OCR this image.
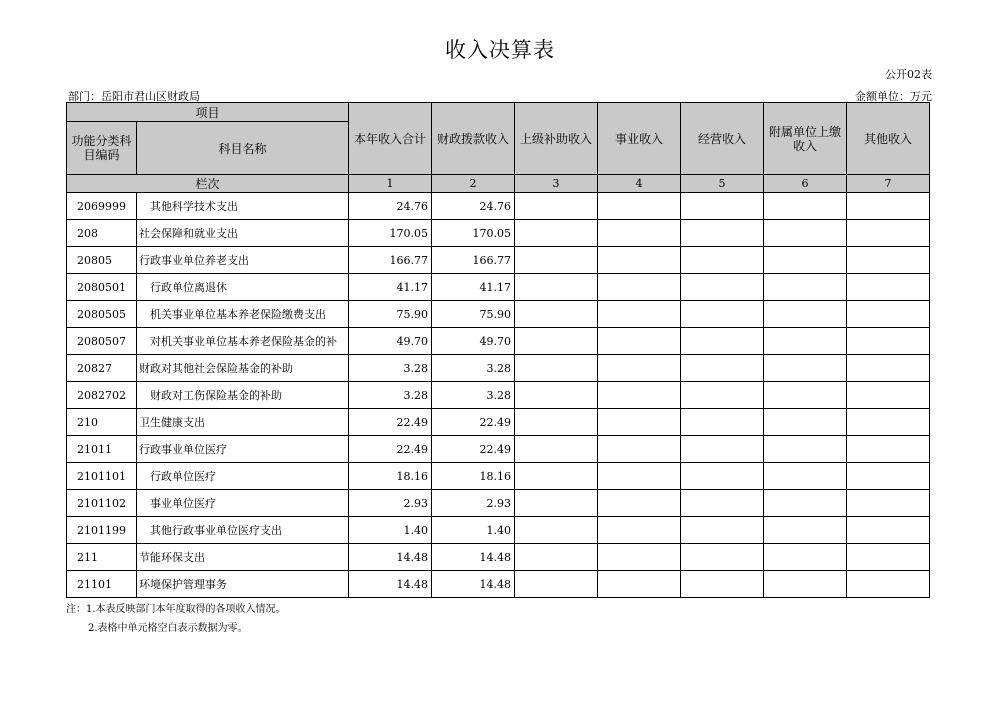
收入决算表
公开02表
部门：岳阳市君山区财政局	金额单位：万元
项目		本年收入合计	财政拨款收入	上级补助收入	事业收入	经营收入	附属单位上缴收入	其他收入
功能分类科目编码	科目名称							
栏次		1	2	3	4	5	6	7
2069999	其他科学技术支出	24.76	24.76					
208	社会保障和就业支出	170.05	170.05					
20805	行政事业单位养老支出	166.77	166.77					
2080501	行政单位离退休	41.17	41.17					
2080505	机关事业单位基本养老保险缴费支出	75.90	75.90					
2080507	对机关事业单位基本养老保险基金的补	49.70	49.70					
20827	财政对其他社会保险基金的补助	3.28	3.28					
2082702	财政对工伤保险基金的补助	3.28	3.28					
210	卫生健康支出	22.49	22.49					
21011	行政事业单位医疗	22.49	22.49					
2101101	行政单位医疗	18.16	18.16					
2101102	事业单位医疗	2.93	2.93					
2101199	其他行政事业单位医疗支出	1.40	1.40					
211	节能环保支出	14.48	14.48					
21101	环境保护管理事务	14.48	14.48					
注：1.本表反映部门本年度取得的各项收入情况。
2.表格中单元格空白表示数据为零。
